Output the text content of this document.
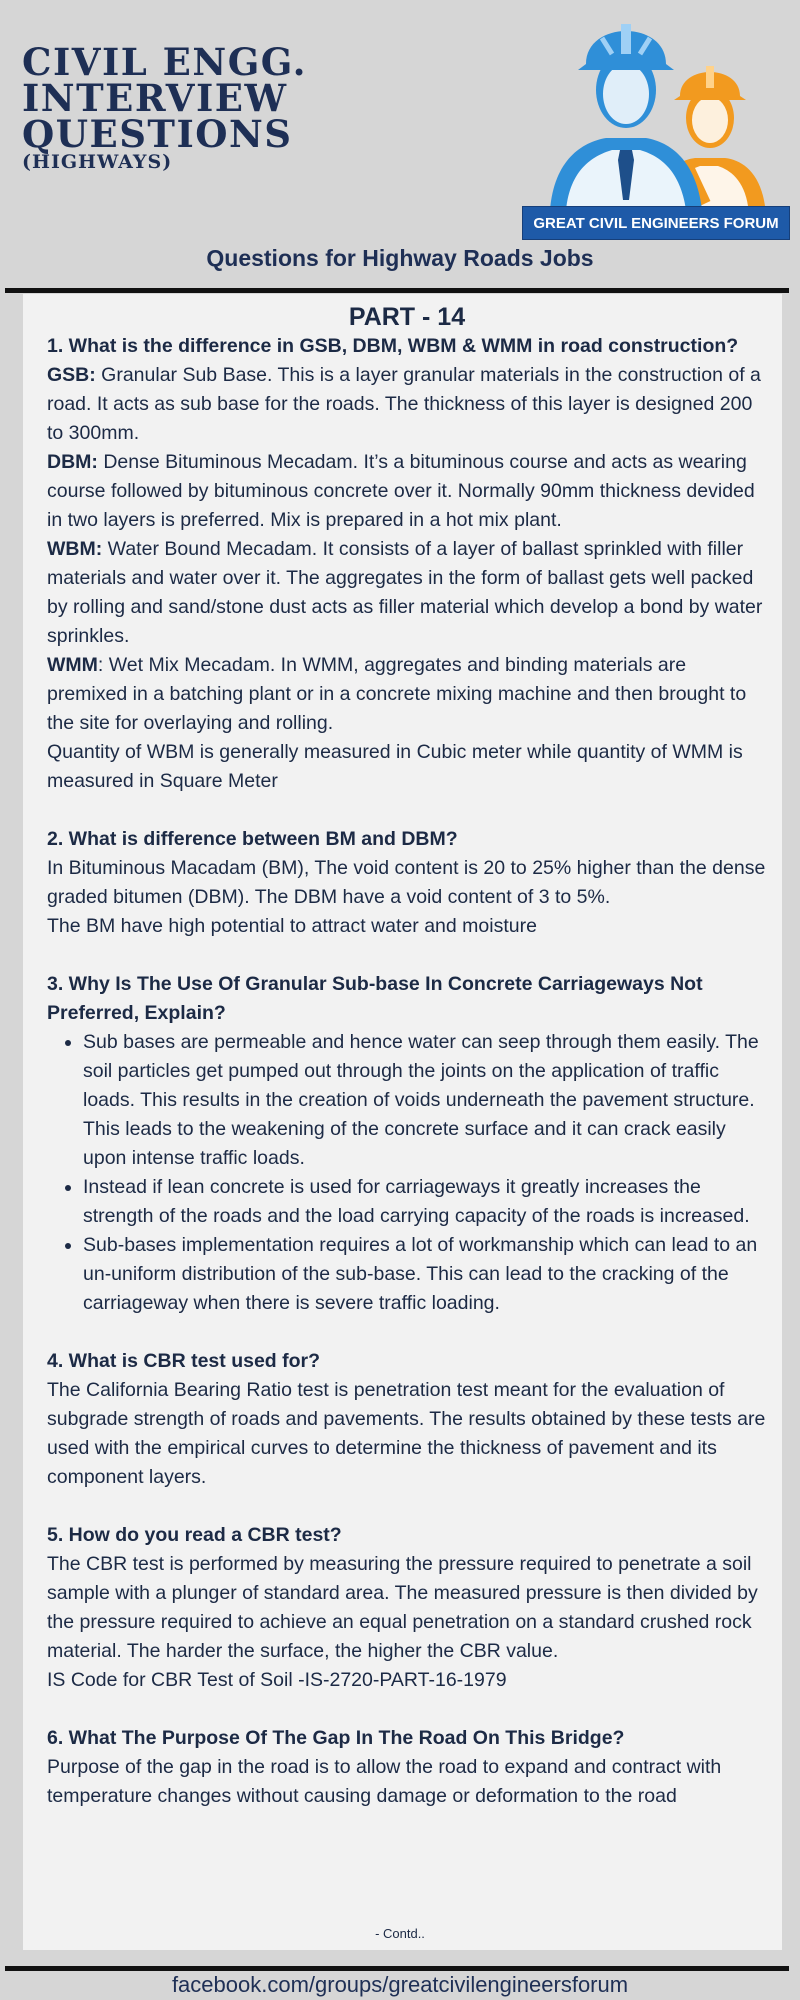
CIVIL ENGG.
INTERVIEW
QUESTIONS
(HIGHWAYS)
GREAT CIVIL ENGINEERS FORUM
Questions for Highway Roads Jobs
PART - 14
1. What is the difference in GSB, DBM, WBM & WMM in road construction?

GSB: Granular Sub Base. This is a layer granular materials in the construction of a road. It acts as sub base for the roads. The thickness of this layer is designed 200 to 300mm.

DBM: Dense Bituminous Mecadam. It’s a bituminous course and acts as wearing course followed by bituminous concrete over it. Normally 90mm thickness devided in two layers is preferred. Mix is prepared in a hot mix plant.

WBM: Water Bound Mecadam. It consists of a layer of ballast sprinkled with filler materials and water over it. The aggregates in the form of ballast gets well packed by rolling and sand/stone dust acts as filler material which develop a bond by water sprinkles.

WMM: Wet Mix Mecadam. In WMM, aggregates and binding materials are premixed in a batching plant or in a concrete mixing machine and then brought to the site for overlaying and rolling.

Quantity of WBM is generally measured in Cubic meter while quantity of WMM is measured in Square Meter

2. What is difference between BM and DBM?

In Bituminous Macadam (BM), The void content is 20 to 25% higher than the dense graded bitumen (DBM). The DBM have a void content of 3 to 5%.

The BM have high potential to attract water and moisture

3. Why Is The Use Of Granular Sub-base In Concrete Carriageways Not Preferred, Explain?
• Sub bases are permeable and hence water can seep through them easily. The soil particles get pumped out through the joints on the application of traffic loads. This results in the creation of voids underneath the pavement structure. This leads to the weakening of the concrete surface and it can crack easily upon intense traffic loads.
• Instead if lean concrete is used for carriageways it greatly increases the strength of the roads and the load carrying capacity of the roads is increased.
• Sub-bases implementation requires a lot of workmanship which can lead to an un-uniform distribution of the sub-base. This can lead to the cracking of the carriageway when there is severe traffic loading.
4. What is CBR test used for?

The California Bearing Ratio test is penetration test meant for the evaluation of subgrade strength of roads and pavements. The results obtained by these tests are used with the empirical curves to determine the thickness of pavement and its component layers.

5. How do you read a CBR test?

The CBR test is performed by measuring the pressure required to penetrate a soil sample with a plunger of standard area. The measured pressure is then divided by the pressure required to achieve an equal penetration on a standard crushed rock material. The harder the surface, the higher the CBR value.

IS Code for CBR Test of Soil -IS-2720-PART-16-1979

6. What The Purpose Of The Gap In The Road On This Bridge?

Purpose of the gap in the road is to allow the road to expand and contract with temperature changes without causing damage or deformation to the road

- Contd..
facebook.com/groups/greatcivilengineersforum
